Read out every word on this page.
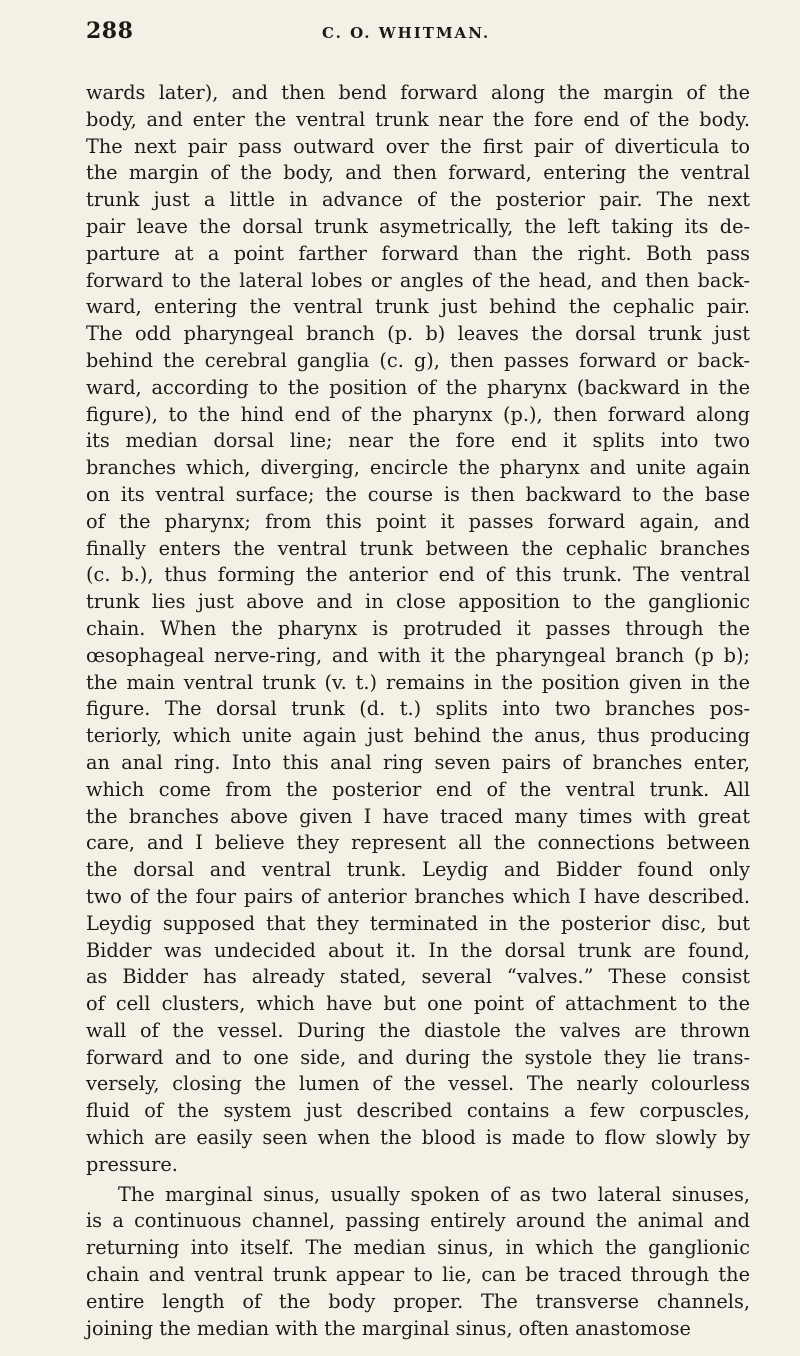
288	C. O. WHITMAN.

wards later), and then bend forward along the margin of the
body, and enter the ventral trunk near the fore end of the body.
The next pair pass outward over the first pair of diverticula to
the margin of the body, and then forward, entering the ventral
trunk just a little in advance of the posterior pair. The next
pair leave the dorsal trunk asymetrically, the left taking its de-
parture at a point farther forward than the right. Both pass
forward to the lateral lobes or angles of the head, and then back-
ward, entering the ventral trunk just behind the cephalic pair.
The odd pharyngeal branch (p. b) leaves the dorsal trunk just
behind the cerebral ganglia (c. g), then passes forward or back-
ward, according to the position of the pharynx (backward in the
figure), to the hind end of the pharynx (p.), then forward along
its median dorsal line; near the fore end it splits into two
branches which, diverging, encircle the pharynx and unite again
on its ventral surface; the course is then backward to the base
of the pharynx; from this point it passes forward again, and
finally enters the ventral trunk between the cephalic branches
(c. b.), thus forming the anterior end of this trunk. The ventral
trunk lies just above and in close apposition to the ganglionic
chain. When the pharynx is protruded it passes through the
œsophageal nerve-ring, and with it the pharyngeal branch (p b);
the main ventral trunk (v. t.) remains in the position given in the
figure. The dorsal trunk (d. t.) splits into two branches pos-
teriorly, which unite again just behind the anus, thus producing
an anal ring. Into this anal ring seven pairs of branches enter,
which come from the posterior end of the ventral trunk. All
the branches above given I have traced many times with great
care, and I believe they represent all the connections between
the dorsal and ventral trunk. Leydig and Bidder found only
two of the four pairs of anterior branches which I have described.
Leydig supposed that they terminated in the posterior disc, but
Bidder was undecided about it. In the dorsal trunk are found,
as Bidder has already stated, several “valves.” These consist
of cell clusters, which have but one point of attachment to the
wall of the vessel. During the diastole the valves are thrown
forward and to one side, and during the systole they lie trans-
versely, closing the lumen of the vessel. The nearly colourless
fluid of the system just described contains a few corpuscles,
which are easily seen when the blood is made to flow slowly by
pressure.

The marginal sinus, usually spoken of as two lateral sinuses,
is a continuous channel, passing entirely around the animal and
returning into itself. The median sinus, in which the ganglionic
chain and ventral trunk appear to lie, can be traced through the
entire length of the body proper. The transverse channels,
joining the median with the marginal sinus, often anastomose
